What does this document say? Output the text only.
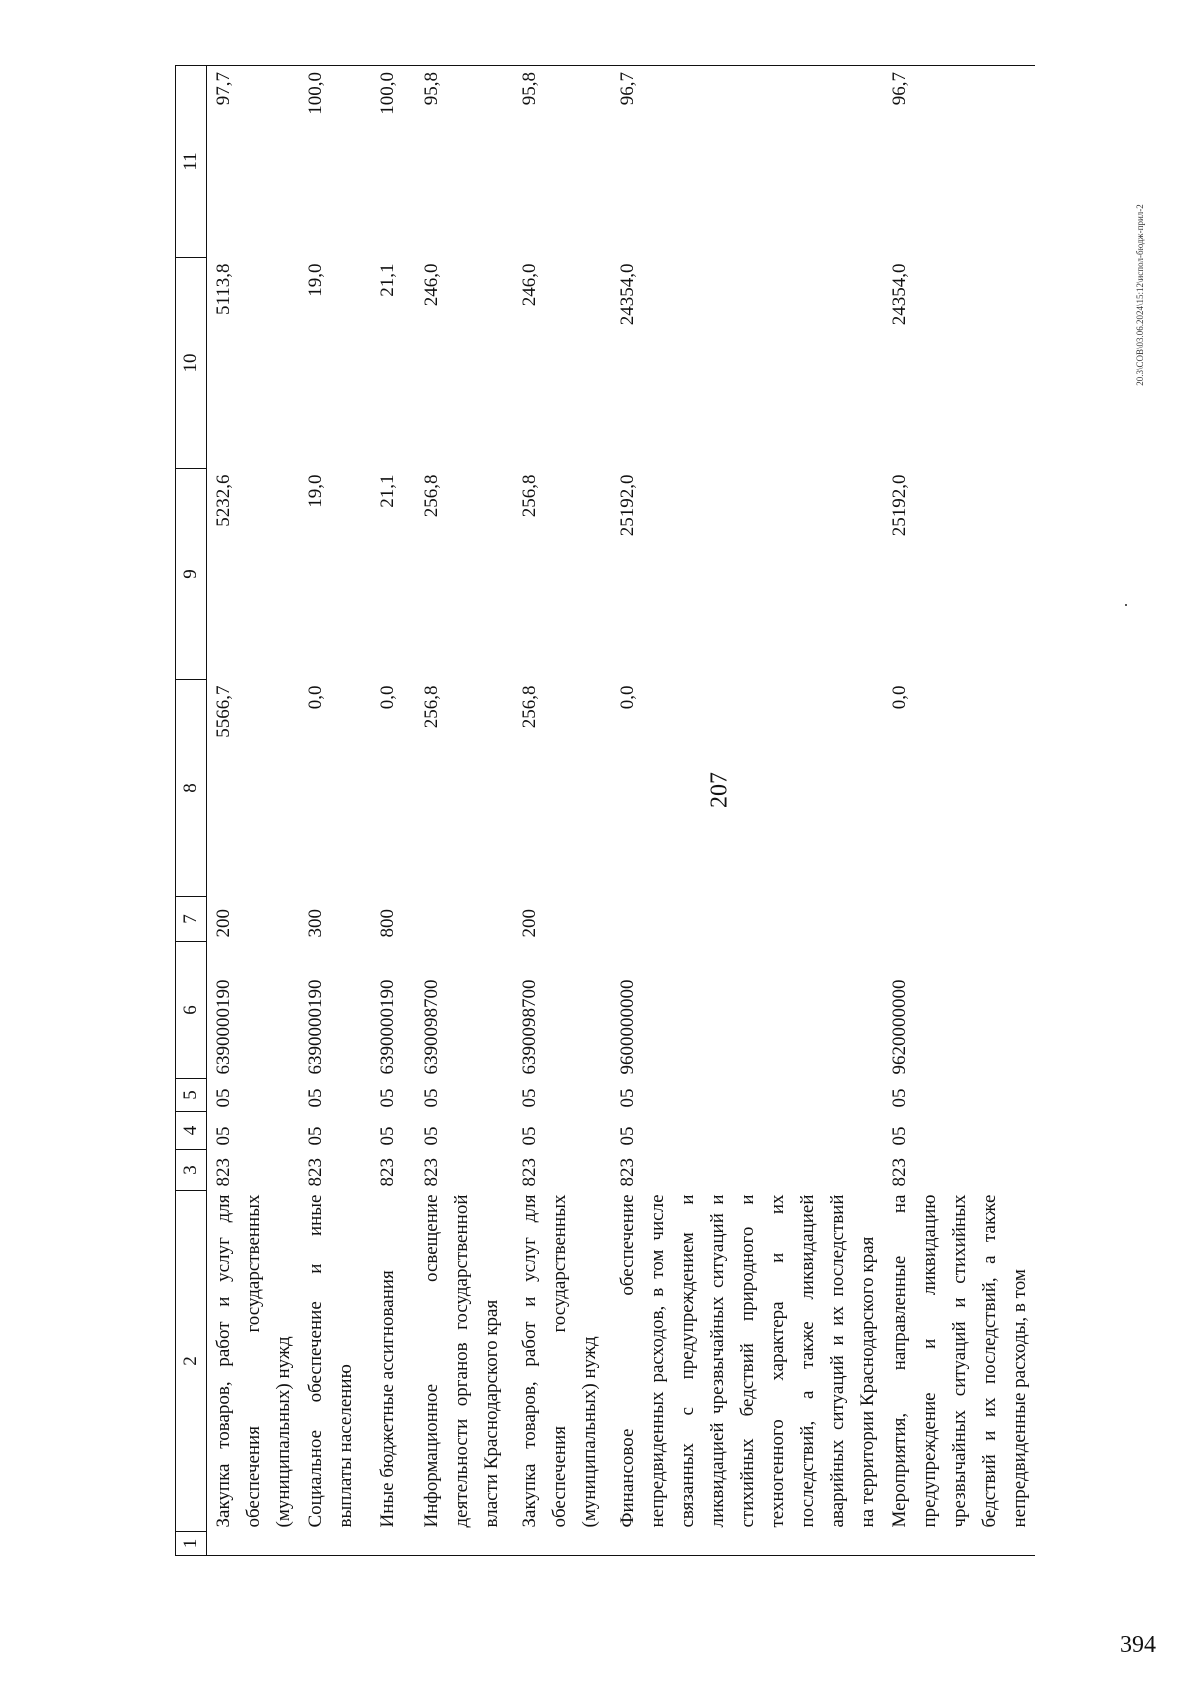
207
20.3\СОВ\03.06.2024\15:12\испол-бюдж-прил-2
394
1	2	3	4	5	6	7	8	9	10	11
	Закупка товаров, работ и услуг для обеспечения государственных (муниципальных) нужд	823	05	05	6390000190	200	5566,7	5232,6	5113,8	97,7
	Социальное обеспечение и иные выплаты населению	823	05	05	6390000190	300	0,0	19,0	19,0	100,0
	Иные бюджетные ассигнования	823	05	05	6390000190	800	0,0	21,1	21,1	100,0
	Информационное освещение деятельности органов государственной власти Краснодарского края	823	05	05	6390098700		256,8	256,8	246,0	95,8
	Закупка товаров, работ и услуг для обеспечения государственных (муниципальных) нужд	823	05	05	6390098700	200	256,8	256,8	246,0	95,8
	Финансовое обеспечение непредвиденных расходов, в том числе связанных с предупреждением и ликвидацией чрезвычайных ситуаций и стихийных бедствий природного и техногенного характера и их последствий, а также ликвидацией аварийных ситуаций и их последствий на территории Краснодарского края	823	05	05	9600000000		0,0	25192,0	24354,0	96,7
	Мероприятия, направленные на предупреждение и ликвидацию чрезвычайных ситуаций и стихийных бедствий и их последствий, а также непредвиденные расходы, в том	823	05	05	9620000000		0,0	25192,0	24354,0	96,7
